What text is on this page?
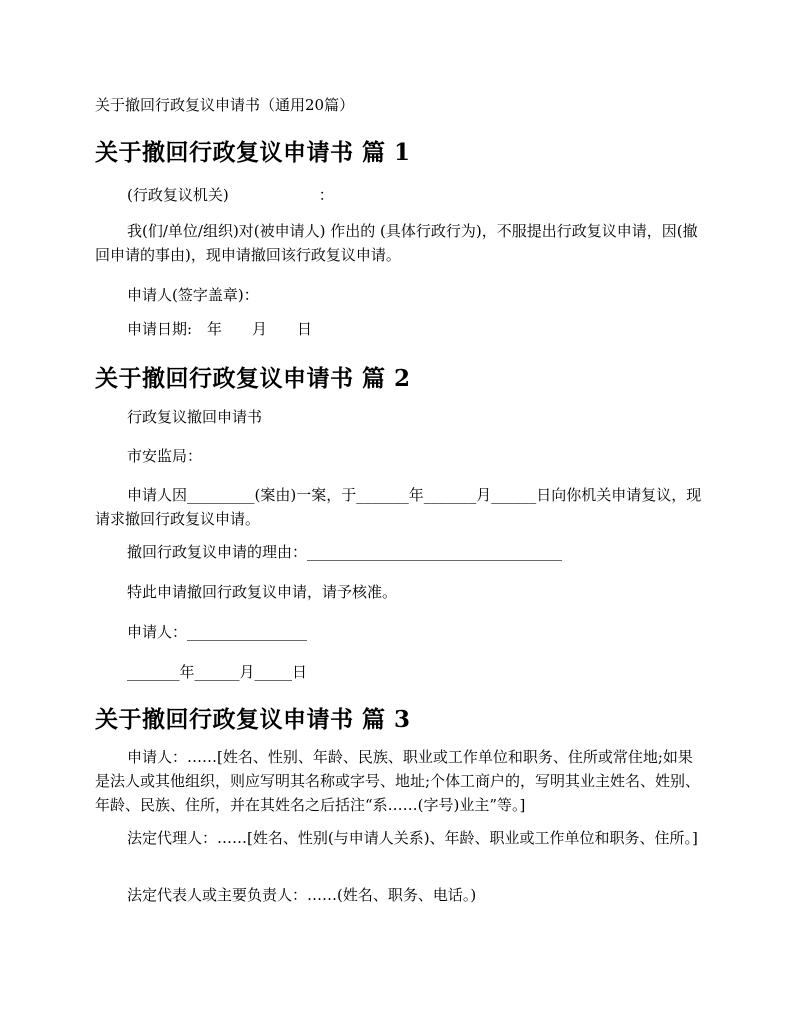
关于撤回行政复议申请书（通用20篇）
关于撤回行政复议申请书 篇 1
(行政复议机关)　　　　　　：
我(们/单位/组织)对(被申请人) 作出的 (具体行政行为)，不服提出行政复议申请，因(撤回申请的事由)，现申请撤回该行政复议申请。
申请人(签字盖章)：
申请日期:　年　　月　　日
关于撤回行政复议申请书 篇 2
行政复议撤回申请书
市安监局：
申请人因_________(案由)一案，于_______年_______月______日向你机关申请复议，现请求撤回行政复议申请。
撤回行政复议申请的理由：__________________________________
特此申请撤回行政复议申请，请予核准。
申请人：________________
_______年______月_____日
关于撤回行政复议申请书 篇 3
申请人：……[姓名、性别、年龄、民族、职业或工作单位和职务、住所或常住地;如果是法人或其他组织，则应写明其名称或字号、地址;个体工商户的，写明其业主姓名、姓别、年龄、民族、住所，并在其姓名之后括注“系……(字号)业主”等。]
法定代理人：……[姓名、性别(与申请人关系)、年龄、职业或工作单位和职务、住所。]
法定代表人或主要负责人：……(姓名、职务、电话。)
